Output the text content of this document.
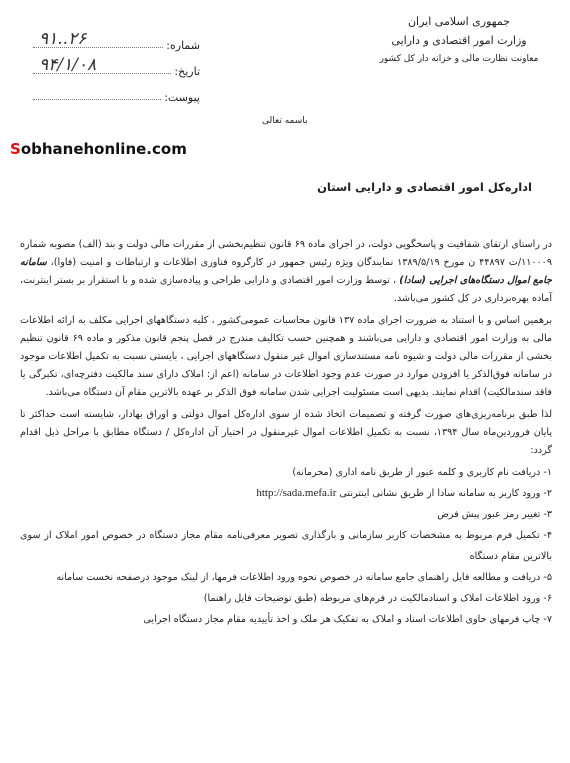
شماره:
۹۱..۲۶
تاریخ:
۹۴/۱/۰۸
پیوست:
جمهوری اسلامی ایران
وزارت امور اقتصادی و دارایی
معاونت نظارت مالی و خزانه دار کل کشور
باسمه تعالی
Sobhanehonline.com
اداره‌کل امور اقتصادی و دارایی استان

در راستای ارتقای شفافیت و پاسخگویی دولت، در اجرای ماده ۶۹ قانون تنظیم‌بخشی از مقررات مالی دولت و بند (الف) مصوبه شماره ۱۱۰۰۰۹/ت ۴۴۸۹۷ ن مورخ ۱۳۸۹/۵/۱۹ نمایندگان ویژه رئیس جمهور در کارگروه فناوری اطلاعات و ارتباطات و امنیت (فاوا)، سامانه جامع اموال دستگاه‌های اجرایی (سادا) ، توسط وزارت امور اقتصادی و دارایی طراحی و پیاده‌سازی شده و با استقرار بر بستر اینترنت، آماده بهره‌برداری در کل کشور می‌باشد.

برهمین اساس و با استناد به ضرورت اجرای ماده ۱۳۷ قانون محاسبات عمومی‌کشور ، کلیه دستگاههای اجرایی مکلف به ارائه اطلاعات مالی به وزارت امور اقتصادی و دارایی می‌باشند و همچنین حسب تکالیف مندرج در فصل پنجم قانون مذکور و ماده ۶۹ قانون تنظیم بخشی از مقررات مالی دولت و شیوه نامه مستندسازی اموال غیر منقول دستگاههای اجرایی ، بایستی نسبت به تکمیل اطلاعات موجود در سامانه فوق‌الذکر یا افزودن موارد در صورت عدم وجود اطلاعات در سامانه (اعم از: املاک دارای سند مالکیت دفترچه‌ای، تکبرگی یا فاقد سند‌مالکیت) اقدام نمایند. بدیهی است مسئولیت اجرایی شدن سامانه فوق الذکر بر عهده بالاترین مقام آن دستگاه می‌باشد.

لذا طبق برنامه‌ریزی‌های صورت گرفته و تصمیمات اتخاذ شده از سوی اداره‌کل اموال دولتی و اوراق بهادار، شایسته است حداکثر تا پایان فروردین‌ماه سال ۱۳۹۴، نسبت به تکمیل اطلاعات اموال غیرمنقول در اختیار آن اداره‌کل / دستگاه مطابق با مراحل ذیل اقدام گردد:

۱- دریافت نام کاربری و کلمه عبور از طریق نامه اداری (محرمانه)
۲- ورود کاربر به سامانه سادا از طریق نشانی اینترنتی http://sada.mefa.ir
۳- تغییر رمز عبور پیش فرض
۴- تکمیل فرم مربوط به مشخصات کاربر سازمانی و بارگذاری تصویر معرفی‌نامه مقام مجاز دستگاه در خصوص امور املاک از سوی بالاترین مقام دستگاه
۵- دریافت و مطالعه فایل راهنمای جامع سامانه در خصوص نحوه ورود اطلاعات فرمها، از لینک موجود درصفحه نخست سامانه
۶- ورود اطلاعات املاک و اسناد‌مالکیت در فرم‌های مربوطه (طبق توضیحات فایل راهنما)
۷- چاپ فرمهای حاوی اطلاعات اسناد و املاک به تفکیک هر ملک و اخذ تأییدیه مقام مجاز دستگاه اجرایی
